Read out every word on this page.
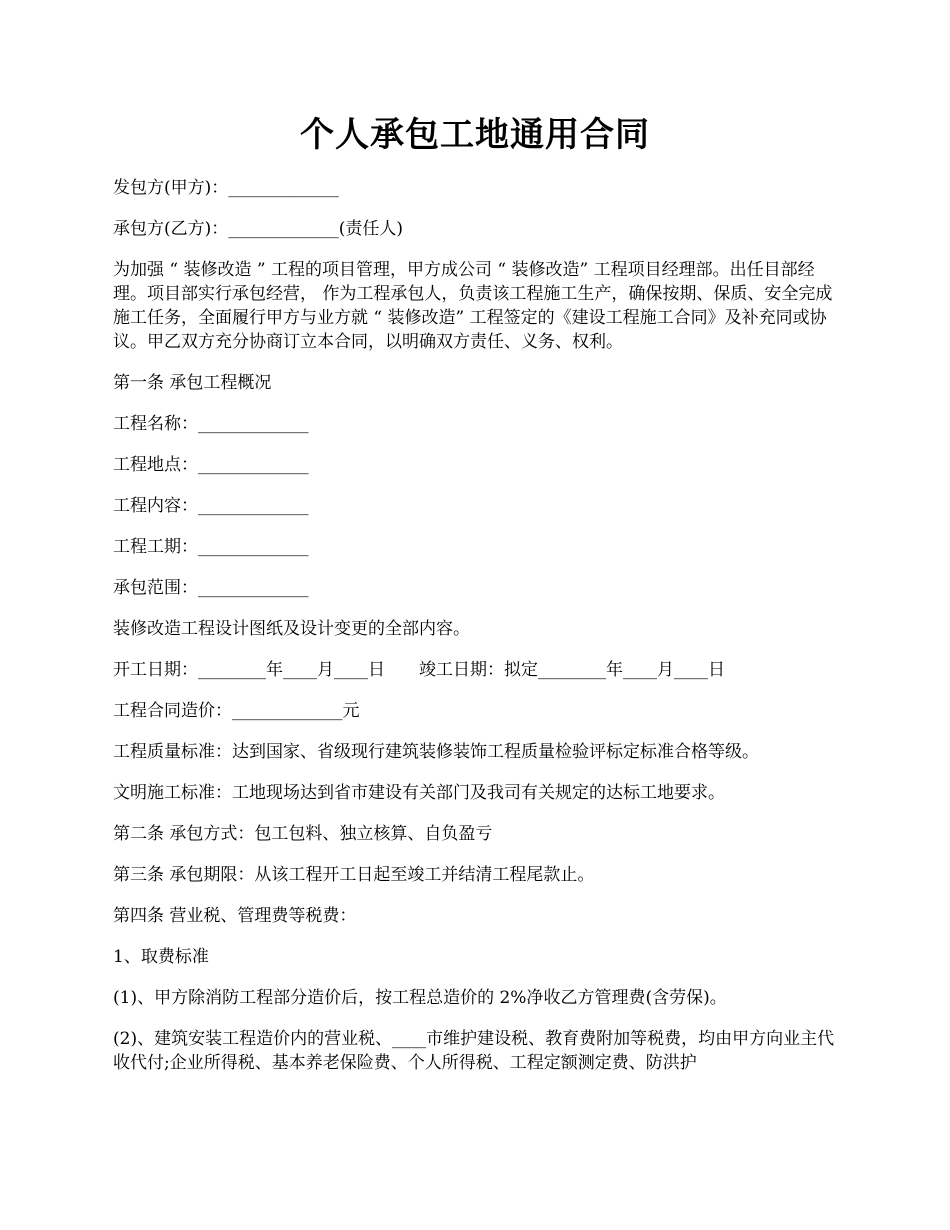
个人承包工地通用合同

发包方(甲方)：_____________

承包方(乙方)：_____________(责任人)

为加强 “ 装修改造 ” 工程的项目管理，甲方成公司 “ 装修改造” 工程项目经理部。出任目部经理。项目部实行承包经营， 作为工程承包人，负责该工程施工生产，确保按期、保质、安全完成施工任务，全面履行甲方与业方就 “ 装修改造” 工程签定的《建设工程施工合同》及补充同或协议。甲乙双方充分协商订立本合同，以明确双方责任、义务、权利。

第一条 承包工程概况

工程名称：_____________

工程地点：_____________

工程内容：_____________

工程工期：_____________

承包范围：_____________

装修改造工程设计图纸及设计变更的全部内容。

开工日期：________年____月____日　　竣工日期：拟定________年____月____日

工程合同造价：_____________元

工程质量标准：达到国家、省级现行建筑装修装饰工程质量检验评标定标准合格等级。

文明施工标准：工地现场达到省市建设有关部门及我司有关规定的达标工地要求。

第二条 承包方式：包工包料、独立核算、自负盈亏

第三条 承包期限：从该工程开工日起至竣工并结清工程尾款止。

第四条 营业税、管理费等税费：

1、取费标准

(1)、甲方除消防工程部分造价后，按工程总造价的 2%净收乙方管理费(含劳保)。

(2)、建筑安装工程造价内的营业税、____市维护建设税、教育费附加等税费，均由甲方向业主代收代付;企业所得税、基本养老保险费、个人所得税、工程定额测定费、防洪护
